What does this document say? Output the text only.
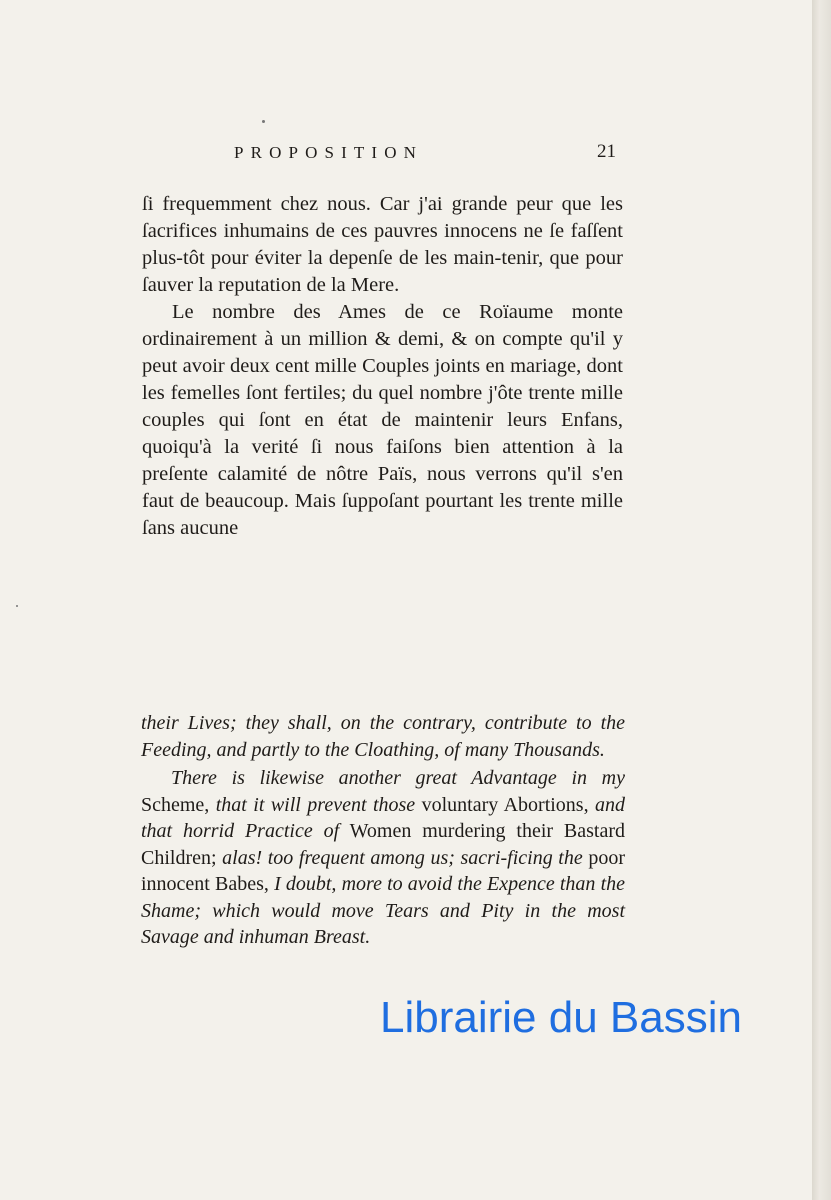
PROPOSITION	21

ſi frequemment chez nous. Car j'ai grande peur que les ſacrifices inhumains de ces pauvres innocens ne ſe faſſent plus-tôt pour éviter la depenſe de les main-tenir, que pour ſauver la reputation de la Mere.

Le nombre des Ames de ce Roïaume monte ordinairement à un million & demi, & on compte qu'il y peut avoir deux cent mille Couples joints en mariage, dont les femelles ſont fertiles; du quel nombre j'ôte trente mille couples qui ſont en état de maintenir leurs Enfans, quoiqu'à la verité ſi nous faiſons bien attention à la preſente calamité de nôtre Païs, nous verrons qu'il s'en faut de beaucoup. Mais ſuppoſant pourtant les trente mille ſans aucune

their Lives; they shall, on the contrary, contribute to the Feeding, and partly to the Cloathing, of many Thousands.

There is likewise another great Advantage in my Scheme, that it will prevent those voluntary Abortions, and that horrid Practice of Women murdering their Bastard Children; alas! too frequent among us; sacri-ficing the poor innocent Babes, I doubt, more to avoid the Expence than the Shame; which would move Tears and Pity in the most Savage and inhuman Breast.

Librairie du Bassin
